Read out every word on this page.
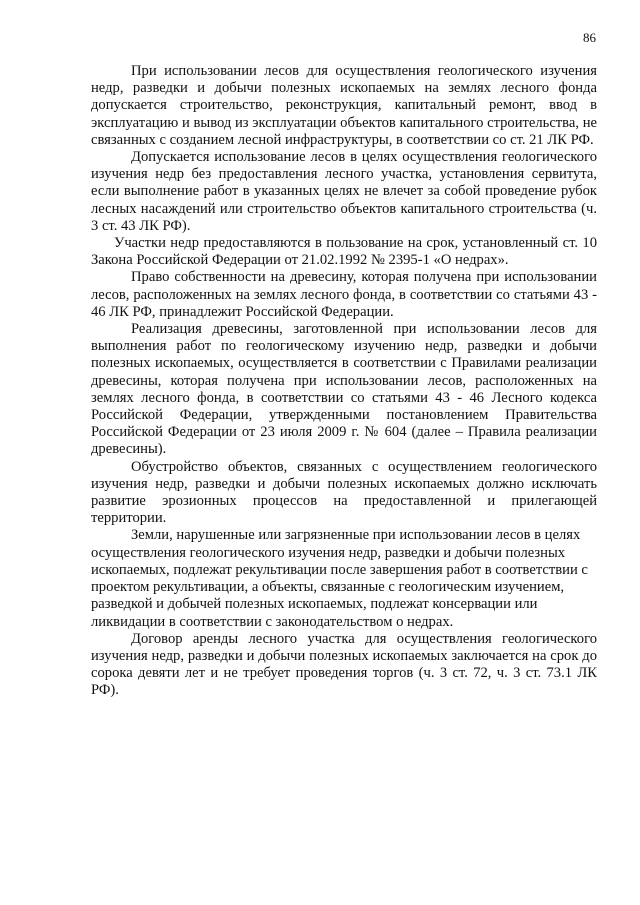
86

При использовании лесов для осуществления геологического изучения недр, разведки и добычи полезных ископаемых на землях лесного фонда допускается строительство, реконструкция, капитальный ремонт, ввод в эксплуатацию и вывод из эксплуатации объектов капитального строительства, не связанных с созданием лесной инфраструктуры, в соответствии со ст. 21 ЛК РФ.

Допускается использование лесов в целях осуществления геологического изучения недр без предоставления лесного участка, установления сервитута, если выполнение работ в указанных целях не влечет за собой проведение рубок лесных насаждений или строительство объектов капитального строительства (ч. 3 ст. 43 ЛК РФ).

Участки недр предоставляются в пользование на срок, установленный ст. 10 Закона Российской Федерации от 21.02.1992 № 2395-1 «О недрах».

Право собственности на древесину, которая получена при использовании лесов, расположенных на землях лесного фонда, в соответствии со статьями 43 - 46 ЛК РФ, принадлежит Российской Федерации.

Реализация древесины, заготовленной при использовании лесов для выполнения работ по геологическому изучению недр, разведки и добычи полезных ископаемых, осуществляется в соответствии с Правилами реализации древесины, которая получена при использовании лесов, расположенных на землях лесного фонда, в соответствии со статьями 43 - 46 Лесного кодекса Российской Федерации, утвержденными постановлением Правительства Российской Федерации от 23 июля 2009 г. № 604 (далее – Правила реализации древесины).

Обустройство объектов, связанных с осуществлением геологического изучения недр, разведки и добычи полезных ископаемых должно исключать развитие эрозионных процессов на предоставленной и прилегающей территории.

Земли, нарушенные или загрязненные при использовании лесов в целях осуществления геологического изучения недр, разведки и добычи полезных ископаемых, подлежат рекультивации после завершения работ в соответствии с проектом рекультивации, а объекты, связанные с геологическим изучением, разведкой и добычей полезных ископаемых, подлежат консервации или ликвидации в соответствии с законодательством о недрах.

Договор аренды лесного участка для осуществления геологического изучения недр, разведки и добычи полезных ископаемых заключается на срок до сорока девяти лет и не требует проведения торгов (ч. 3 ст. 72, ч. 3 ст. 73.1 ЛК РФ).
